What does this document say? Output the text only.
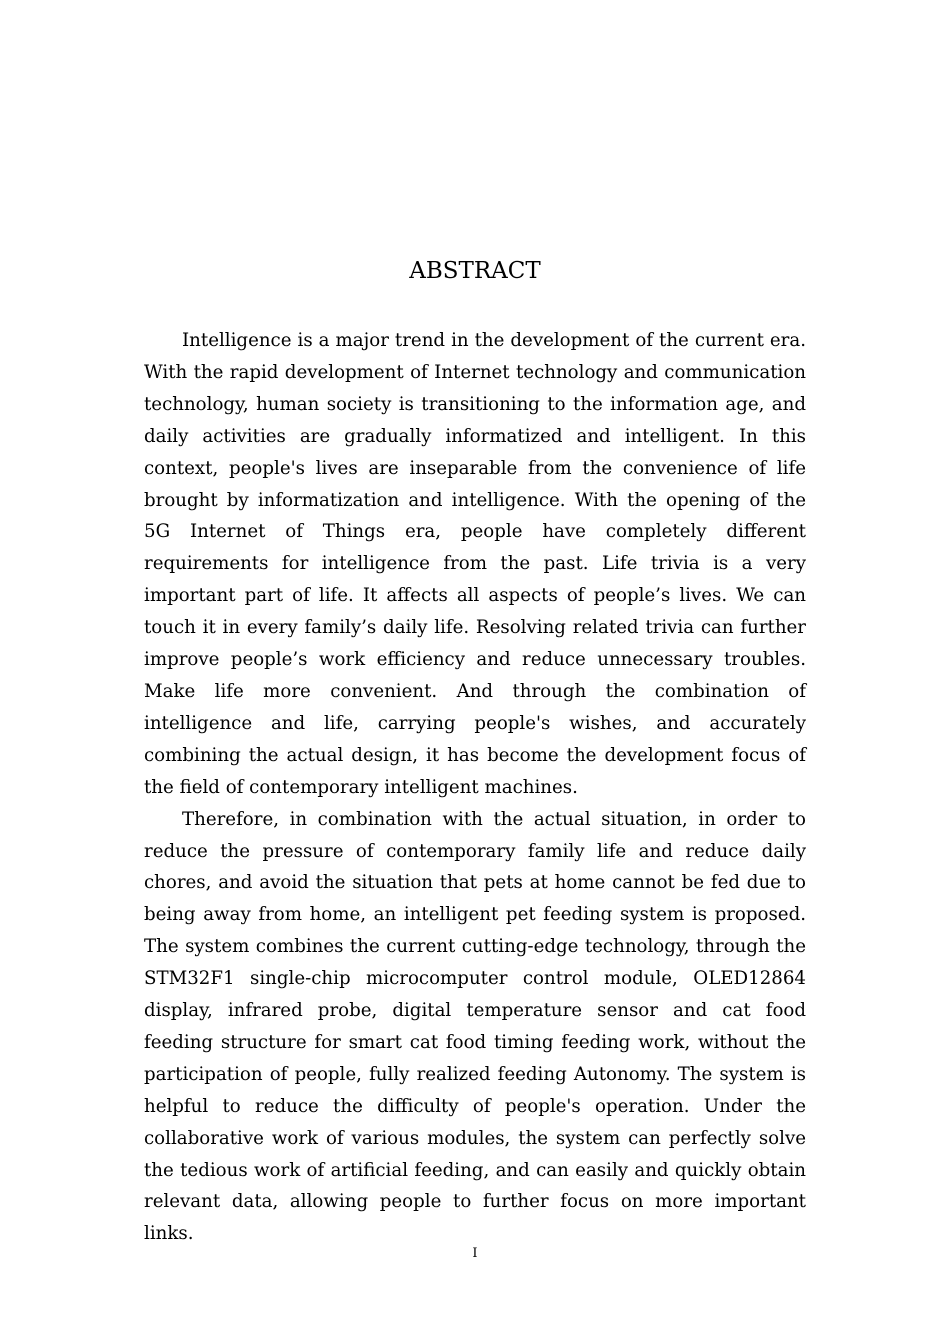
ABSTRACT

Intelligence is a major trend in the development of the current era. With the rapid development of Internet technology and communication technology, human society is transitioning to the information age, and daily activities are gradually informatized and intelligent. In this context, people's lives are inseparable from the convenience of life brought by informatization and intelligence. With the opening of the 5G Internet of Things era, people have completely different requirements for intelligence from the past. Life trivia is a very important part of life. It affects all aspects of people’s lives. We can touch it in every family’s daily life. Resolving related trivia can further improve people’s work efficiency and reduce unnecessary troubles. Make life more convenient. And through the combination of intelligence and life, carrying people's wishes, and accurately combining the actual design, it has become the development focus of the field of contemporary intelligent machines.

Therefore, in combination with the actual situation, in order to reduce the pressure of contemporary family life and reduce daily chores, and avoid the situation that pets at home cannot be fed due to being away from home, an intelligent pet feeding system is proposed. The system combines the current cutting-edge technology, through the STM32F1 single-chip microcomputer control module, OLED12864 display, infrared probe, digital temperature sensor and cat food feeding structure for smart cat food timing feeding work, without the participation of people, fully realized feeding Autonomy. The system is helpful to reduce the difficulty of people's operation. Under the collaborative work of various modules, the system can perfectly solve the tedious work of artificial feeding, and can easily and quickly obtain relevant data, allowing people to further focus on more important links.

I
